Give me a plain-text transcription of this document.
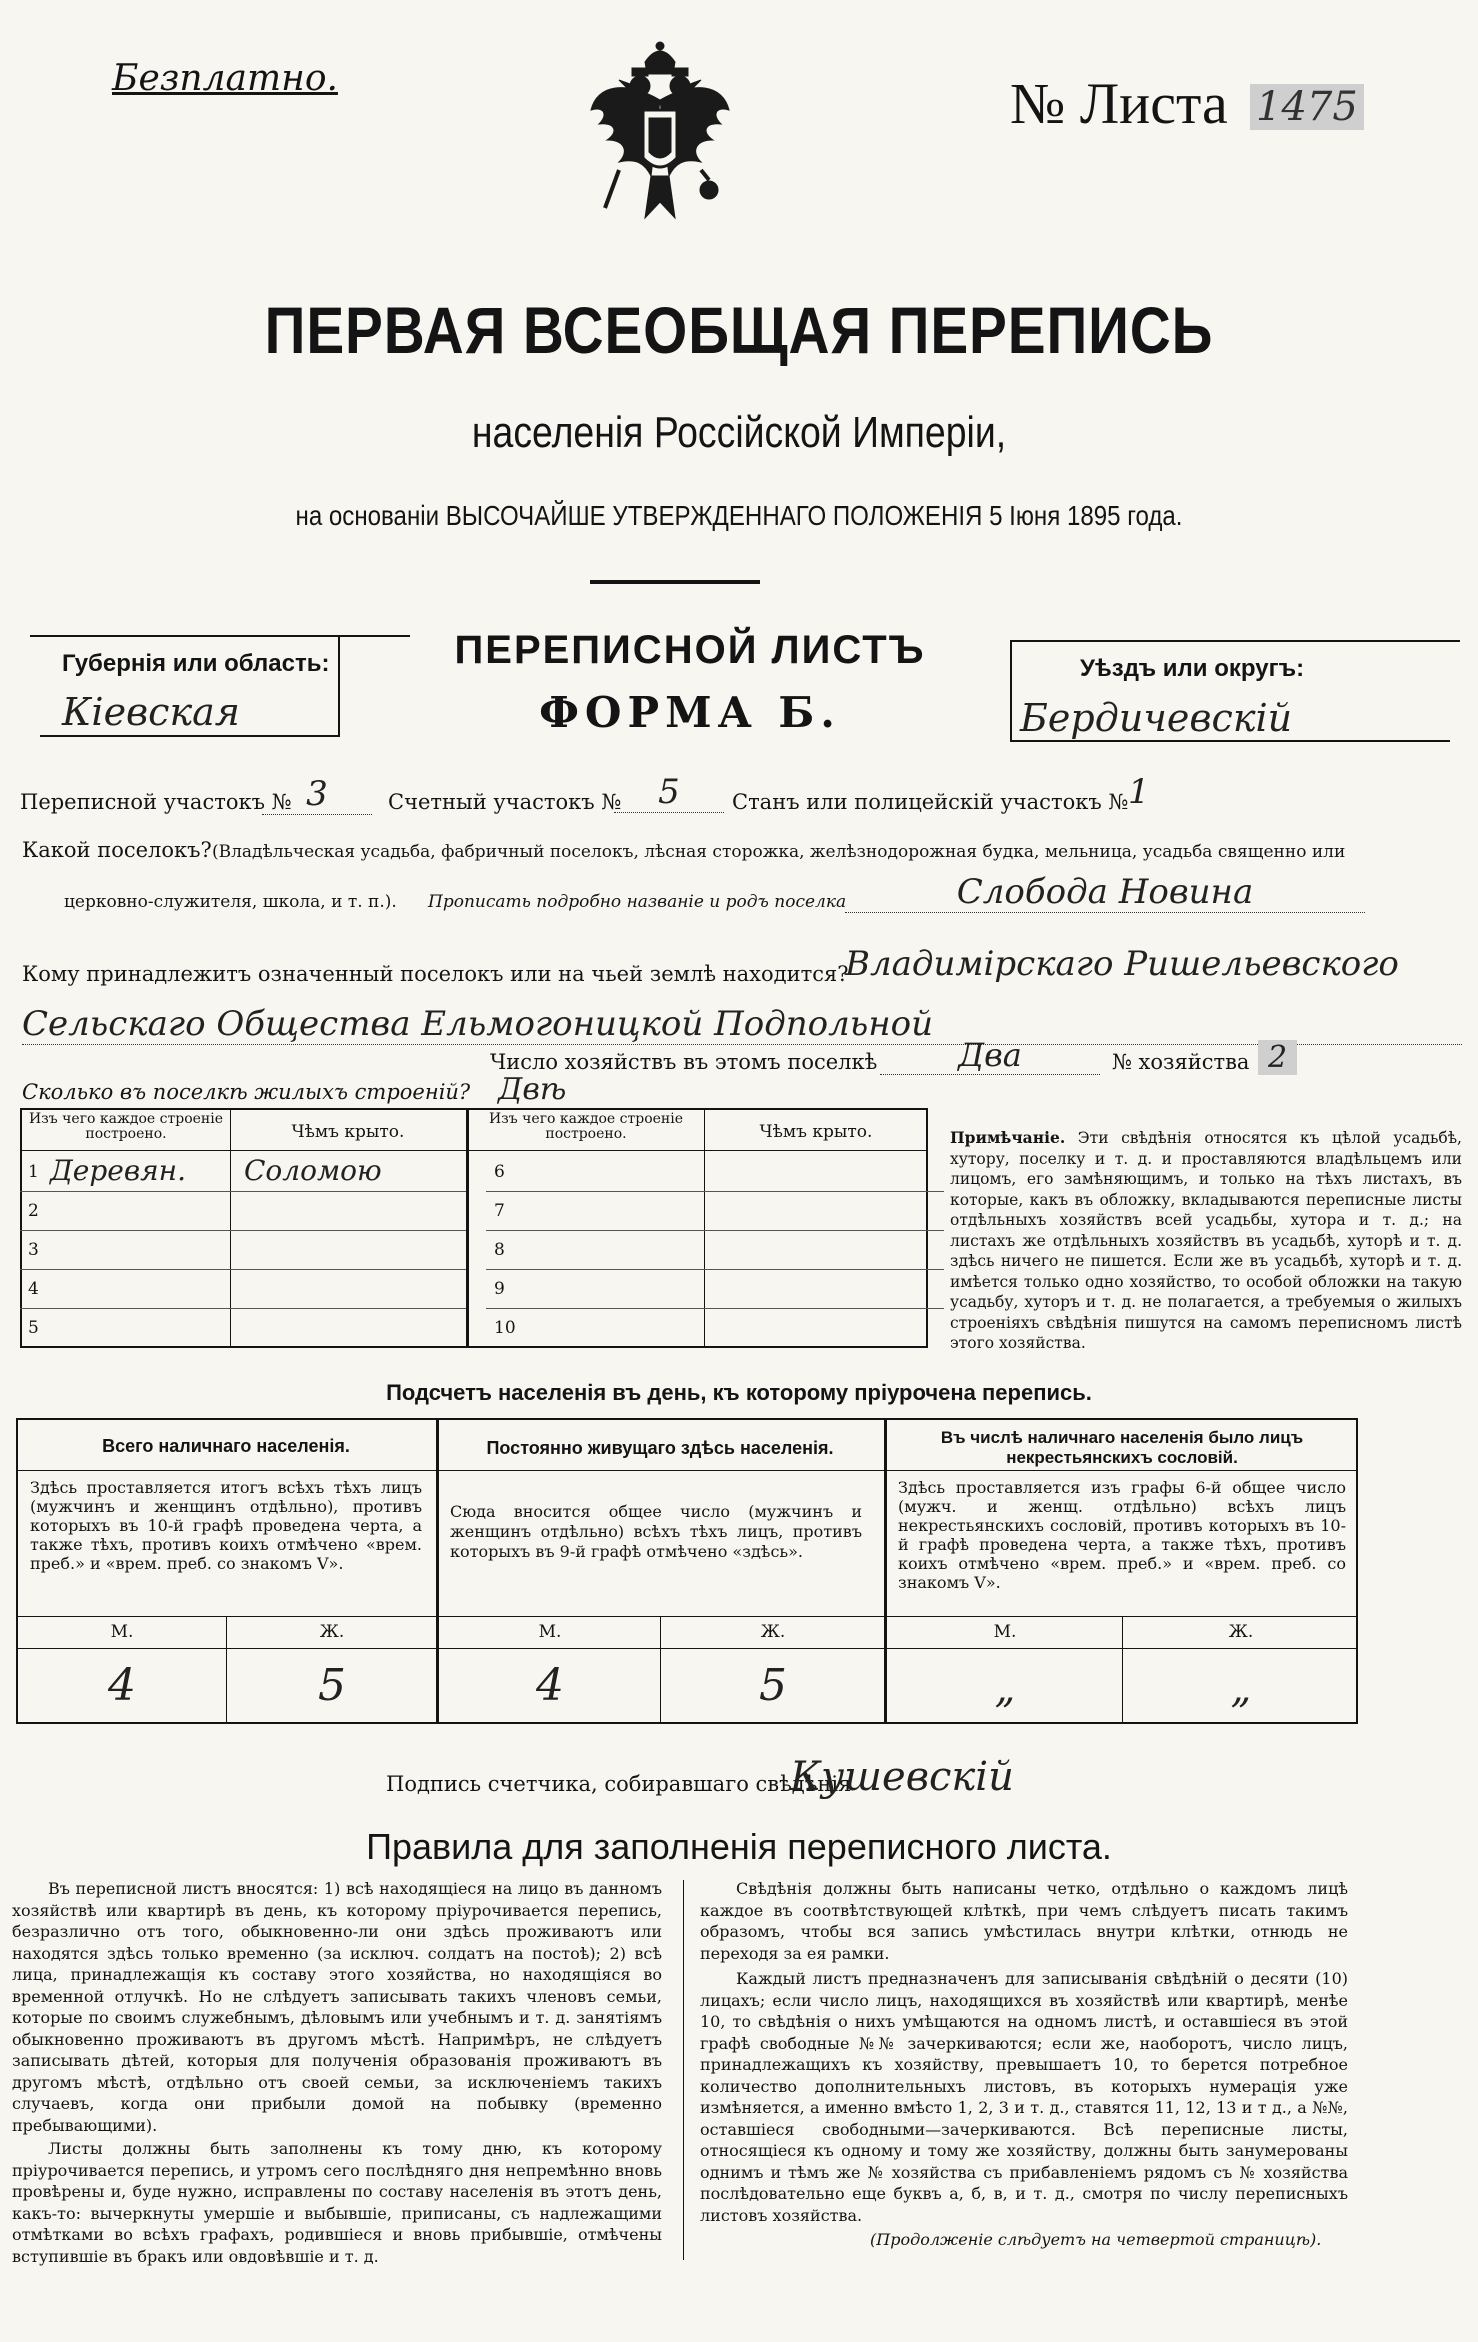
Безплатно.	№ Листа 1475
ПЕРВАЯ ВСЕОБЩАЯ ПЕРЕПИСЬ
населенія Россійской Имперіи,
на основаніи ВЫСОЧАЙШЕ УТВЕРЖДЕННАГО ПОЛОЖЕНІЯ 5 Іюня 1895 года.
Губернія или область:
Кіевская
ПЕРЕПИСНОЙ ЛИСТЪ
ФОРМА Б.
Уѣздъ или округъ:
Бердичевскій
Переписной участокъ № 3	Счетный участокъ №	5	Станъ или полицейскій участокъ № 1
Какой поселокъ? (Владѣльческая усадьба, фабричный поселокъ, лѣсная сторожка, желѣзнодорожная будка, мельница, усадьба священно или
церковно-служителя, школа, и т. п.). Прописать подробно названіе и родъ поселка	Слобода Новина
Кому принадлежитъ означенный поселокъ или на чьей землѣ находится?
Владимірскаго Ришельевского
Сельскаго Общества Ельмогоницкой Подпольной
Число хозяйствъ въ этомъ поселкѣ	Два	№ хозяйства 2
Сколько въ поселкѣ жилыхъ строеній? Двѣ
Изъ чего каждое строеніе построено.	Чѣмъ крыто.
Изъ чего каждое строеніе построено.	Чѣмъ крыто.
1 Деревян. Соломою
2
3
4
5
6
7
8
9
10
Примѣчаніе. Эти свѣдѣнія относятся къ цѣлой усадьбѣ, хутору, поселку и т. д. и проставляются владѣльцемъ или лицомъ, его замѣняющимъ, и только на тѣхъ листахъ, въ которые, какъ въ обложку, вкладываются переписные листы отдѣльныхъ хозяйствъ всей усадьбы, хутора и т. д.; на листахъ же отдѣльныхъ хозяйствъ въ усадьбѣ, хуторѣ и т. д. здѣсь ничего не пишется. Если же въ усадьбѣ, хуторѣ и т. д. имѣется только одно хозяйство, то особой обложки на такую усадьбу, хуторъ и т. д. не полагается, а требуемыя о жилыхъ строеніяхъ свѣдѣнія пишутся на самомъ переписномъ листѣ этого хозяйства.
Подсчетъ населенія въ день, къ которому пріурочена перепись.
Всего наличнаго населенія.
Здѣсь проставляется итогъ всѣхъ тѣхъ лицъ (мужчинъ и женщинъ отдѣльно), противъ которыхъ въ 10-й графѣ проведена черта, а также тѣхъ, противъ коихъ отмѣчено «врем. преб.» и «врем. преб. со знакомъ V».
Постоянно живущаго здѣсь населенія.
Сюда вносится общее число (мужчинъ и женщинъ отдѣльно) всѣхъ тѣхъ лицъ, противъ которыхъ въ 9-й графѣ отмѣчено «здѣсь».
Въ числѣ наличнаго населенія было лицъ некрестьянскихъ сословій.
Здѣсь проставляется изъ графы 6-й общее число (мужч. и женщ. отдѣльно) всѣхъ лицъ некрестьянскихъ сословій, противъ которыхъ въ 10-й графѣ проведена черта, а также тѣхъ, противъ коихъ отмѣчено «врем. преб.» и «врем. преб. со знакомъ V».
М.	Ж.	М.	Ж.	М.	Ж.
4	5	4	5	„	„
Подпись счетчика, собиравшаго свѣдѣнія
Кушевскій
Правила для заполненія переписного листа.
Въ переписной листъ вносятся: 1) всѣ находящіеся на лицо въ данномъ хозяйствѣ или квартирѣ въ день, къ которому пріурочивается перепись, безразлично отъ того, обыкновенно-ли они здѣсь проживаютъ или находятся здѣсь только временно (за исключ. солдатъ на постоѣ); 2) всѣ лица, принадлежащія къ составу этого хозяйства, но находящіяся во временной отлучкѣ. Но не слѣдуетъ записывать такихъ членовъ семьи, которые по своимъ служебнымъ, дѣловымъ или учебнымъ и т. д. занятіямъ обыкновенно проживаютъ въ другомъ мѣстѣ. Напримѣръ, не слѣдуетъ записывать дѣтей, которыя для полученія образованія проживаютъ въ другомъ мѣстѣ, отдѣльно отъ своей семьи, за исключеніемъ такихъ случаевъ, когда они прибыли домой на побывку (временно пребывающими).
Листы должны быть заполнены къ тому дню, къ которому пріурочивается перепись, и утромъ сего послѣдняго дня непремѣнно вновь провѣрены и, буде нужно, исправлены по составу населенія въ этотъ день, какъ-то: вычеркнуты умершіе и выбывшіе, приписаны, съ надлежащими отмѣтками во всѣхъ графахъ, родившіеся и вновь прибывшіе, отмѣчены вступившіе въ бракъ или овдовѣвшіе и т. д.
Свѣдѣнія должны быть написаны четко, отдѣльно о каждомъ лицѣ каждое въ соотвѣтствующей клѣткѣ, при чемъ слѣдуетъ писать такимъ образомъ, чтобы вся запись умѣстилась внутри клѣтки, отнюдь не переходя за ея рамки.
Каждый листъ предназначенъ для записыванія свѣдѣній о десяти (10) лицахъ; если число лицъ, находящихся въ хозяйствѣ или квартирѣ, менѣе 10, то свѣдѣнія о нихъ умѣщаются на одномъ листѣ, и оставшіеся въ этой графѣ свободные №№ зачеркиваются; если же, наоборотъ, число лицъ, принадлежащихъ къ хозяйству, превышаетъ 10, то берется потребное количество дополнительныхъ листовъ, въ которыхъ нумерація уже измѣняется, а именно вмѣсто 1, 2, 3 и т. д., ставятся 11, 12, 13 и т д., а №№, оставшіеся свободными—зачеркиваются. Всѣ переписные листы, относящіеся къ одному и тому же хозяйству, должны быть занумерованы однимъ и тѣмъ же № хозяйства съ прибавленіемъ рядомъ съ № хозяйства послѣдовательно еще буквъ а, б, в, и т. д., смотря по числу переписныхъ листовъ хозяйства.
(Продолженіе слѣдуетъ на четвертой страницѣ).
